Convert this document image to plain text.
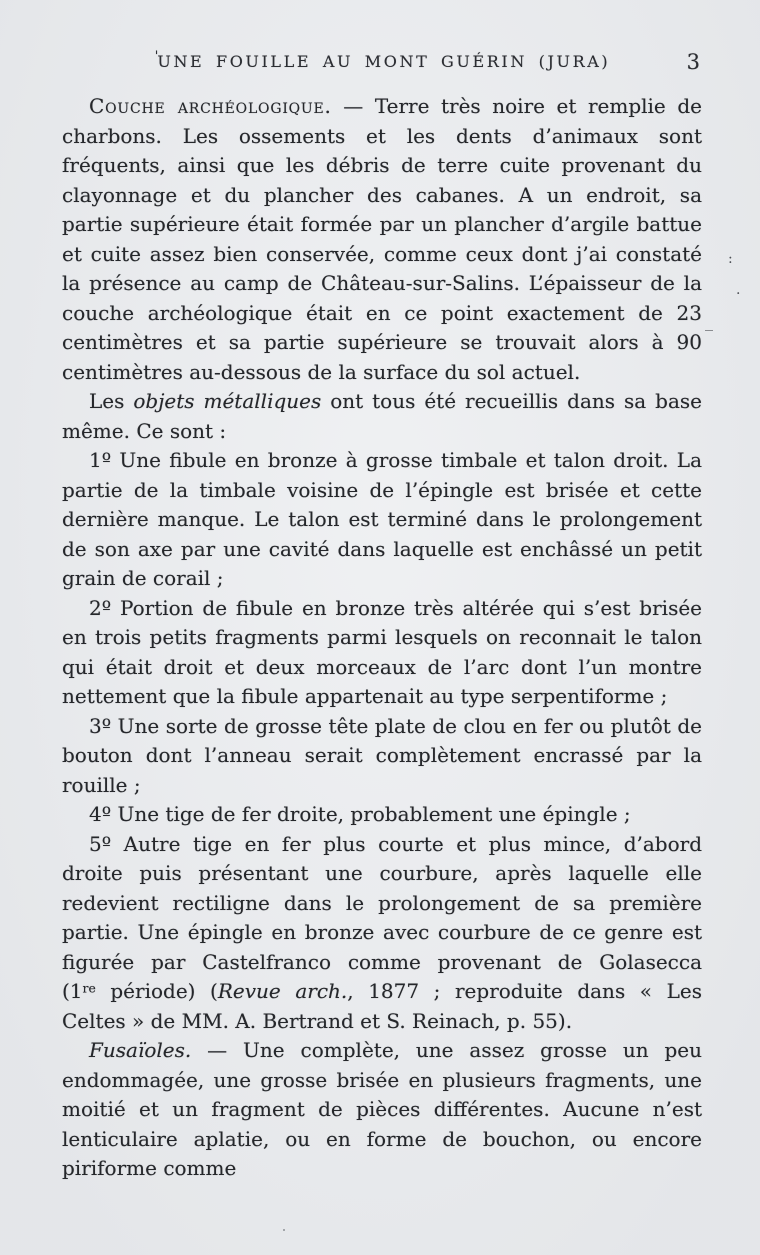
'UNE FOUILLE AU MONT GUÉRIN (JURA)	3

Couche archéologique. — Terre très noire et remplie de charbons. Les ossements et les dents d’animaux sont fréquents, ainsi que les débris de terre cuite provenant du clayonnage et du plancher des cabanes. A un endroit, sa partie supérieure était formée par un plancher d’argile battue et cuite assez bien conservée, comme ceux dont j’ai constaté la présence au camp de Château-sur-Salins. L’épaisseur de la couche archéologique était en ce point exactement de 23 centimètres et sa partie supérieure se trouvait alors à 90 centimètres au-dessous de la surface du sol actuel.

Les objets métalliques ont tous été recueillis dans sa base même. Ce sont :

1º Une fibule en bronze à grosse timbale et talon droit. La partie de la timbale voisine de l’épingle est brisée et cette dernière manque. Le talon est terminé dans le prolongement de son axe par une cavité dans laquelle est enchâssé un petit grain de corail ;

2º Portion de fibule en bronze très altérée qui s’est brisée en trois petits fragments parmi lesquels on reconnait le talon qui était droit et deux morceaux de l’arc dont l’un montre nettement que la fibule appartenait au type serpentiforme ;

3º Une sorte de grosse tête plate de clou en fer ou plutôt de bouton dont l’anneau serait complètement encrassé par la rouille ;

4º Une tige de fer droite, probablement une épingle ;

5º Autre tige en fer plus courte et plus mince, d’abord droite puis présentant une courbure, après laquelle elle redevient rectiligne dans le prolongement de sa première partie. Une épingle en bronze avec courbure de ce genre est figurée par Castelfranco comme provenant de Golasecca (1re période) (Revue arch., 1877 ; reproduite dans « Les Celtes » de MM. A. Bertrand et S. Reinach, p. 55).

Fusaïoles. — Une complète, une assez grosse un peu endommagée, une grosse brisée en plusieurs fragments, une moitié et un fragment de pièces différentes. Aucune n’est lenticulaire aplatie, ou en forme de bouchon, ou encore piriforme comme

:
.
_
